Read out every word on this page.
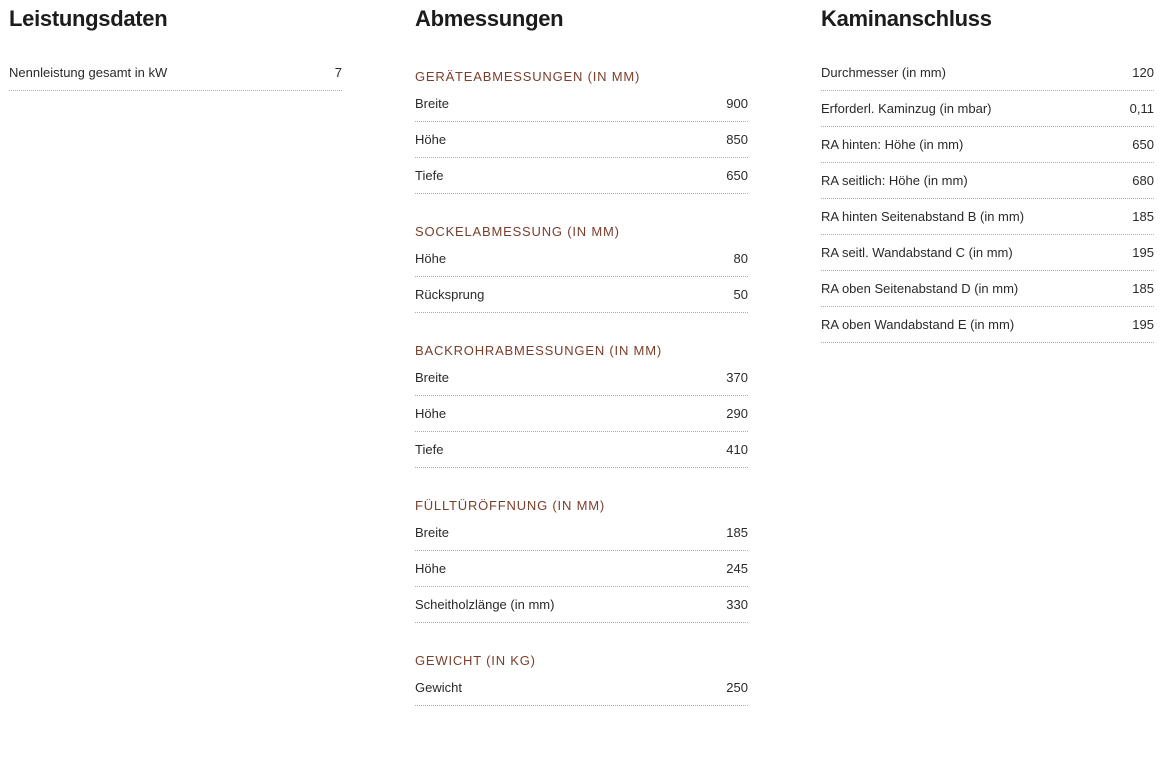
Leistungsdaten
Nennleistung gesamt in kW	7
Abmessungen
GERÄTEABMESSUNGEN (IN MM)
Breite	900
Höhe	850
Tiefe	650
SOCKELABMESSUNG (IN MM)
Höhe	80
Rücksprung	50
BACKROHRABMESSUNGEN (IN MM)
Breite	370
Höhe	290
Tiefe	410
FÜLLTÜRÖFFNUNG (IN MM)
Breite	185
Höhe	245
Scheitholzlänge (in mm)	330
GEWICHT (IN KG)
Gewicht	250
Kaminanschluss
Durchmesser (in mm)	120
Erforderl. Kaminzug (in mbar)	0,11
RA hinten: Höhe (in mm)	650
RA seitlich: Höhe (in mm)	680
RA hinten Seitenabstand B (in mm)	185
RA seitl. Wandabstand C (in mm)	195
RA oben Seitenabstand D (in mm)	185
RA oben Wandabstand E (in mm)	195
